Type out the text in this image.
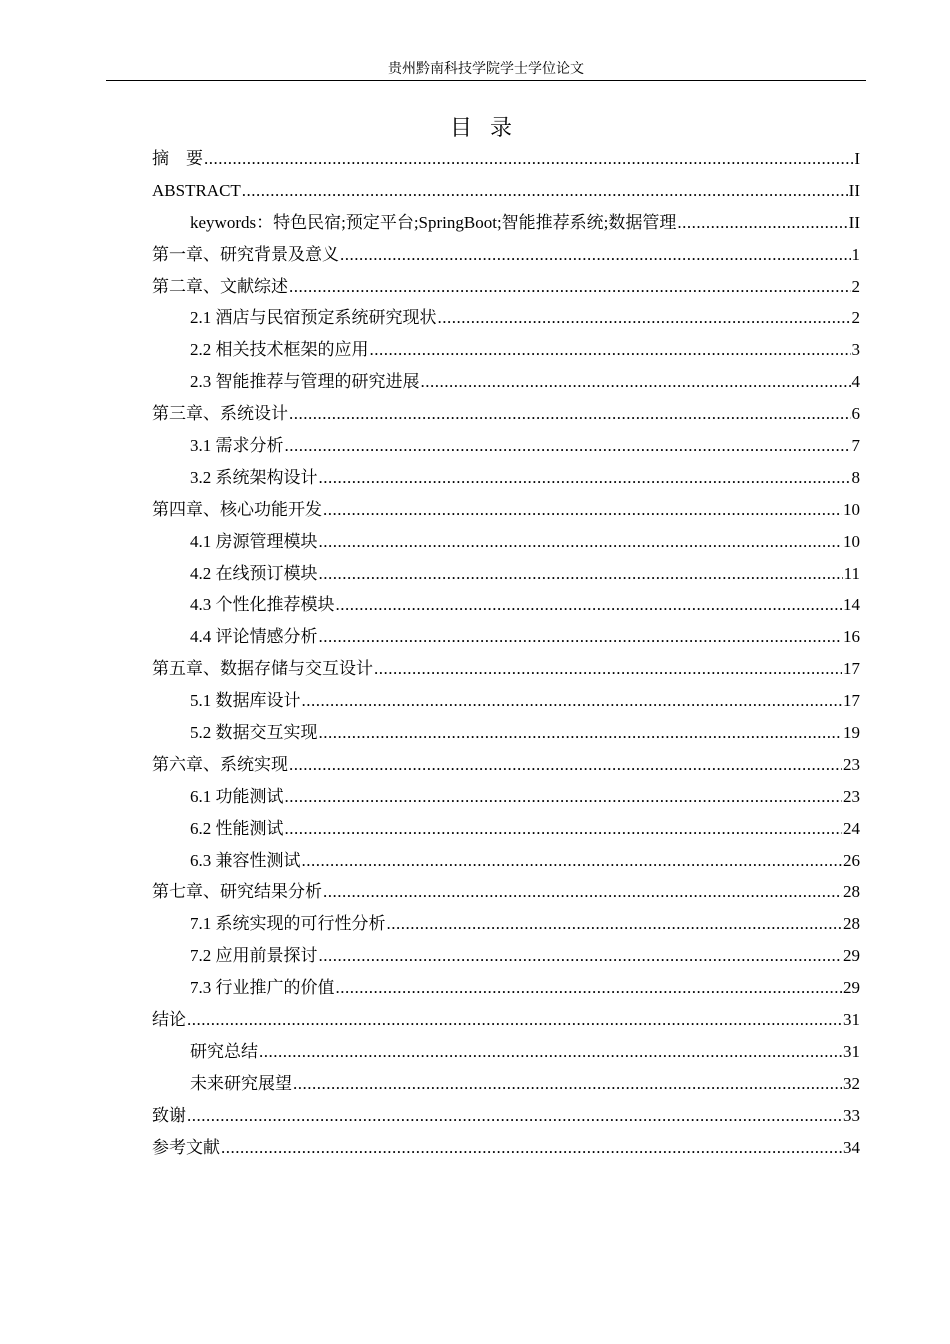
贵州黔南科技学院学士学位论文
目录
摘　要 .....	I
ABSTRACT .....	II
keywords：特色民宿;预定平台;SpringBoot;智能推荐系统;数据管理 .....	II
第一章、研究背景及意义 .....	1
第二章、文献综述 .....	2
2.1 酒店与民宿预定系统研究现状 .....	2
2.2 相关技术框架的应用 .....	3
2.3 智能推荐与管理的研究进展 .....	4
第三章、系统设计 .....	6
3.1 需求分析 .....	7
3.2 系统架构设计 .....	8
第四章、核心功能开发 .....	10
4.1 房源管理模块 .....	10
4.2 在线预订模块 .....	11
4.3 个性化推荐模块 .....	14
4.4 评论情感分析 .....	16
第五章、数据存储与交互设计 .....	17
5.1 数据库设计 .....	17
5.2 数据交互实现 .....	19
第六章、系统实现 .....	23
6.1 功能测试 .....	23
6.2 性能测试 .....	24
6.3 兼容性测试 .....	26
第七章、研究结果分析 .....	28
7.1 系统实现的可行性分析 .....	28
7.2 应用前景探讨 .....	29
7.3 行业推广的价值 .....	29
结论 .....	31
研究总结 .....	31
未来研究展望 .....	32
致谢 .....	33
参考文献 .....	34
